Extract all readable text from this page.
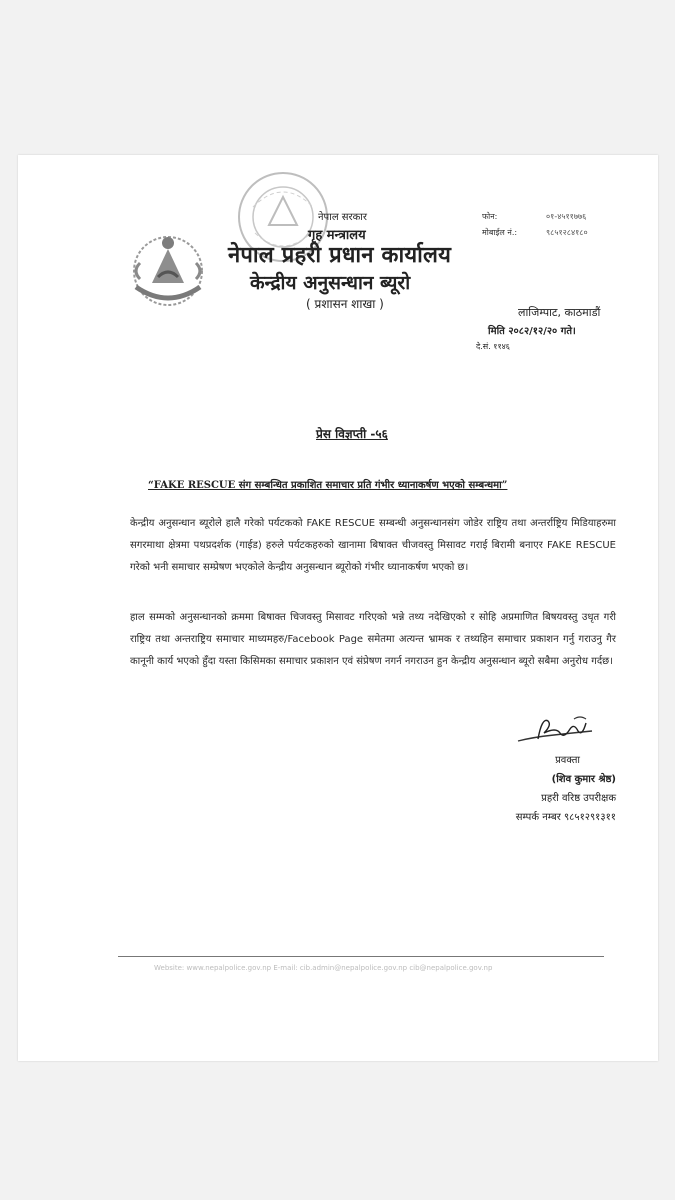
नेपाल सरकार
गृह मन्त्रालय
नेपाल प्रहरी प्रधान कार्यालय
केन्द्रीय अनुसन्धान ब्यूरो
( प्रशासन शाखा )
फोन:	०१-४५११७७६
मोबाईल नं.:	९८५१२८४१८०
लाजिम्पाट, काठमाडौं
मिति २०८२/१२/२० गते।
दे.सं. ११४६
प्रेस विज्ञप्ती -५६
“FAKE RESCUE संग सम्बन्धित प्रकाशित समाचार प्रति गंभीर ध्यानाकर्षण भएको सम्बन्धमा”
केन्द्रीय अनुसन्धान ब्यूरोले हालै गरेको पर्यटकको FAKE RESCUE सम्बन्धी अनुसन्धानसंग जोडेर राष्ट्रिय तथा अन्तर्राष्ट्रिय मिडियाहरुमा सगरमाथा क्षेत्रमा पथप्रदर्शक (गाईड) हरुले पर्यटकहरुको खानामा बिषाक्त चीजवस्तु मिसावट गराई बिरामी बनाएर FAKE RESCUE गरेको भनी समाचार सम्प्रेषण भएकोले केन्द्रीय अनुसन्धान ब्यूरोको गंभीर ध्यानाकर्षण भएको छ।
हाल सम्मको अनुसन्धानको क्रममा बिषाक्त चिजवस्तु मिसावट गरिएको भन्ने तथ्य नदेखिएको र सोहि अप्रमाणित बिषयवस्तु उधृत गरी राष्ट्रिय तथा अन्तराष्ट्रिय समाचार माध्यमहरु/Facebook Page समेतमा अत्यन्त भ्रामक र तथ्यहिन समाचार प्रकाशन गर्नु गराउनु गैर कानूनी कार्य भएको हुँदा यस्ता किसिमका समाचार प्रकाशन एवं संप्रेषण नगर्न नगराउन हुन केन्द्रीय अनुसन्धान ब्यूरो सबैमा अनुरोध गर्दछ।
प्रवक्ता
(शिव कुमार श्रेष्ठ)
प्रहरी वरिष्ठ उपरीक्षक
सम्पर्क नम्बर ९८५१२९१३११
Website: www.nepalpolice.gov.np E-mail: cib.admin@nepalpolice.gov.np cib@nepalpolice.gov.np
